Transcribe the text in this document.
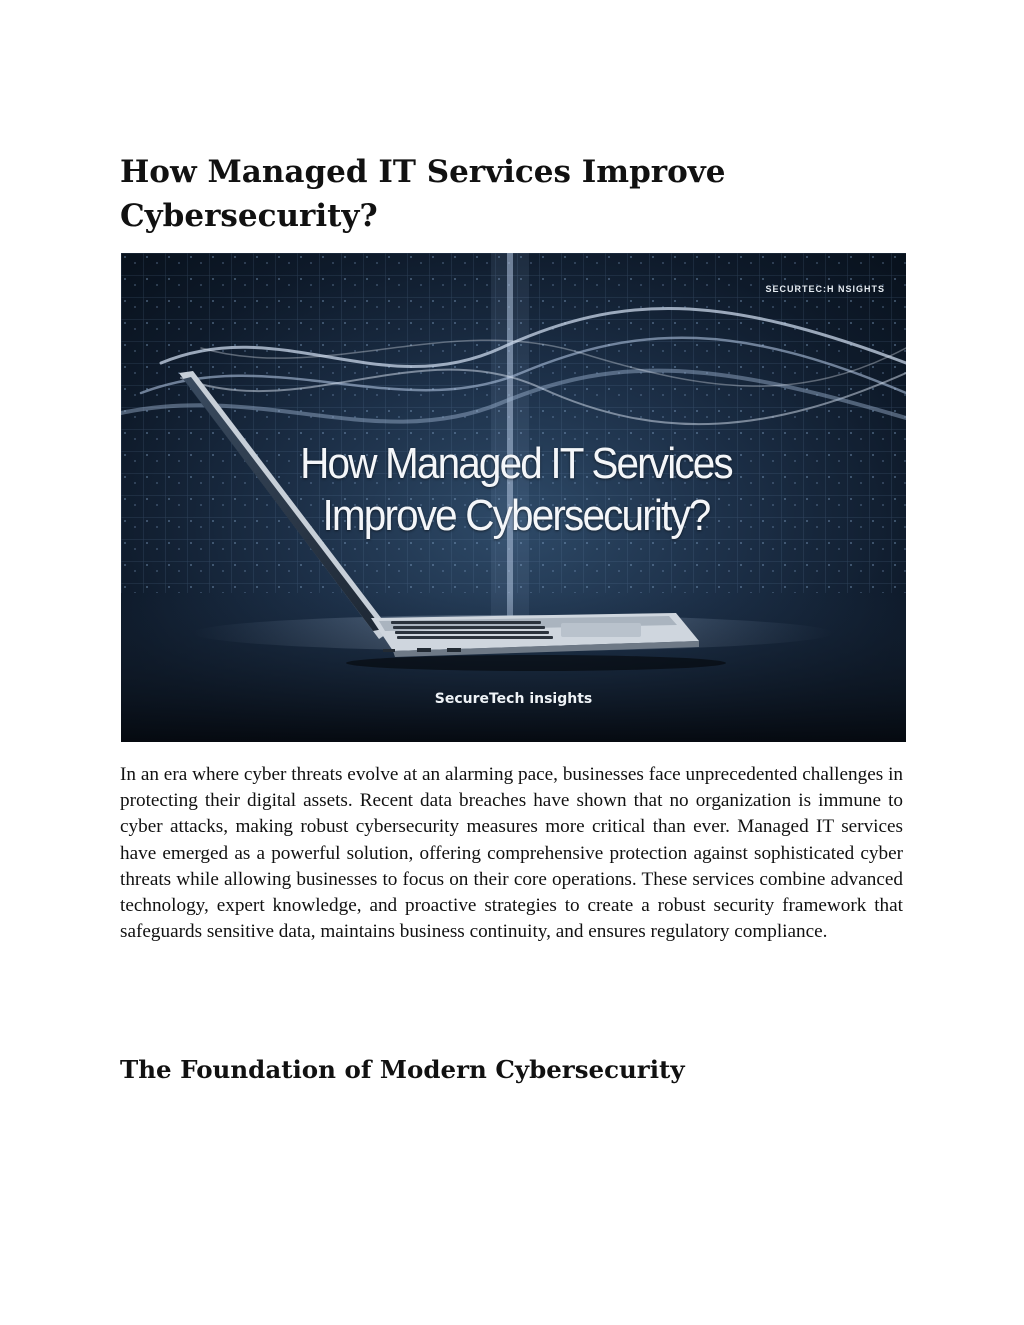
How Managed IT Services Improve Cybersecurity?
SECURTEC:H NSIGHTS
How Managed IT Services
Improve Cybersecurity?
SecureTech insights

In an era where cyber threats evolve at an alarming pace, businesses face unprecedented challenges in protecting their digital assets. Recent data breaches have shown that no organization is immune to cyber attacks, making robust cybersecurity measures more critical than ever. Managed IT services have emerged as a powerful solution, offering comprehensive protection against sophisticated cyber threats while allowing businesses to focus on their core operations. These services combine advanced technology, expert knowledge, and proactive strategies to create a robust security framework that safeguards sensitive data, maintains business continuity, and ensures regulatory compliance.

The Foundation of Modern Cybersecurity
